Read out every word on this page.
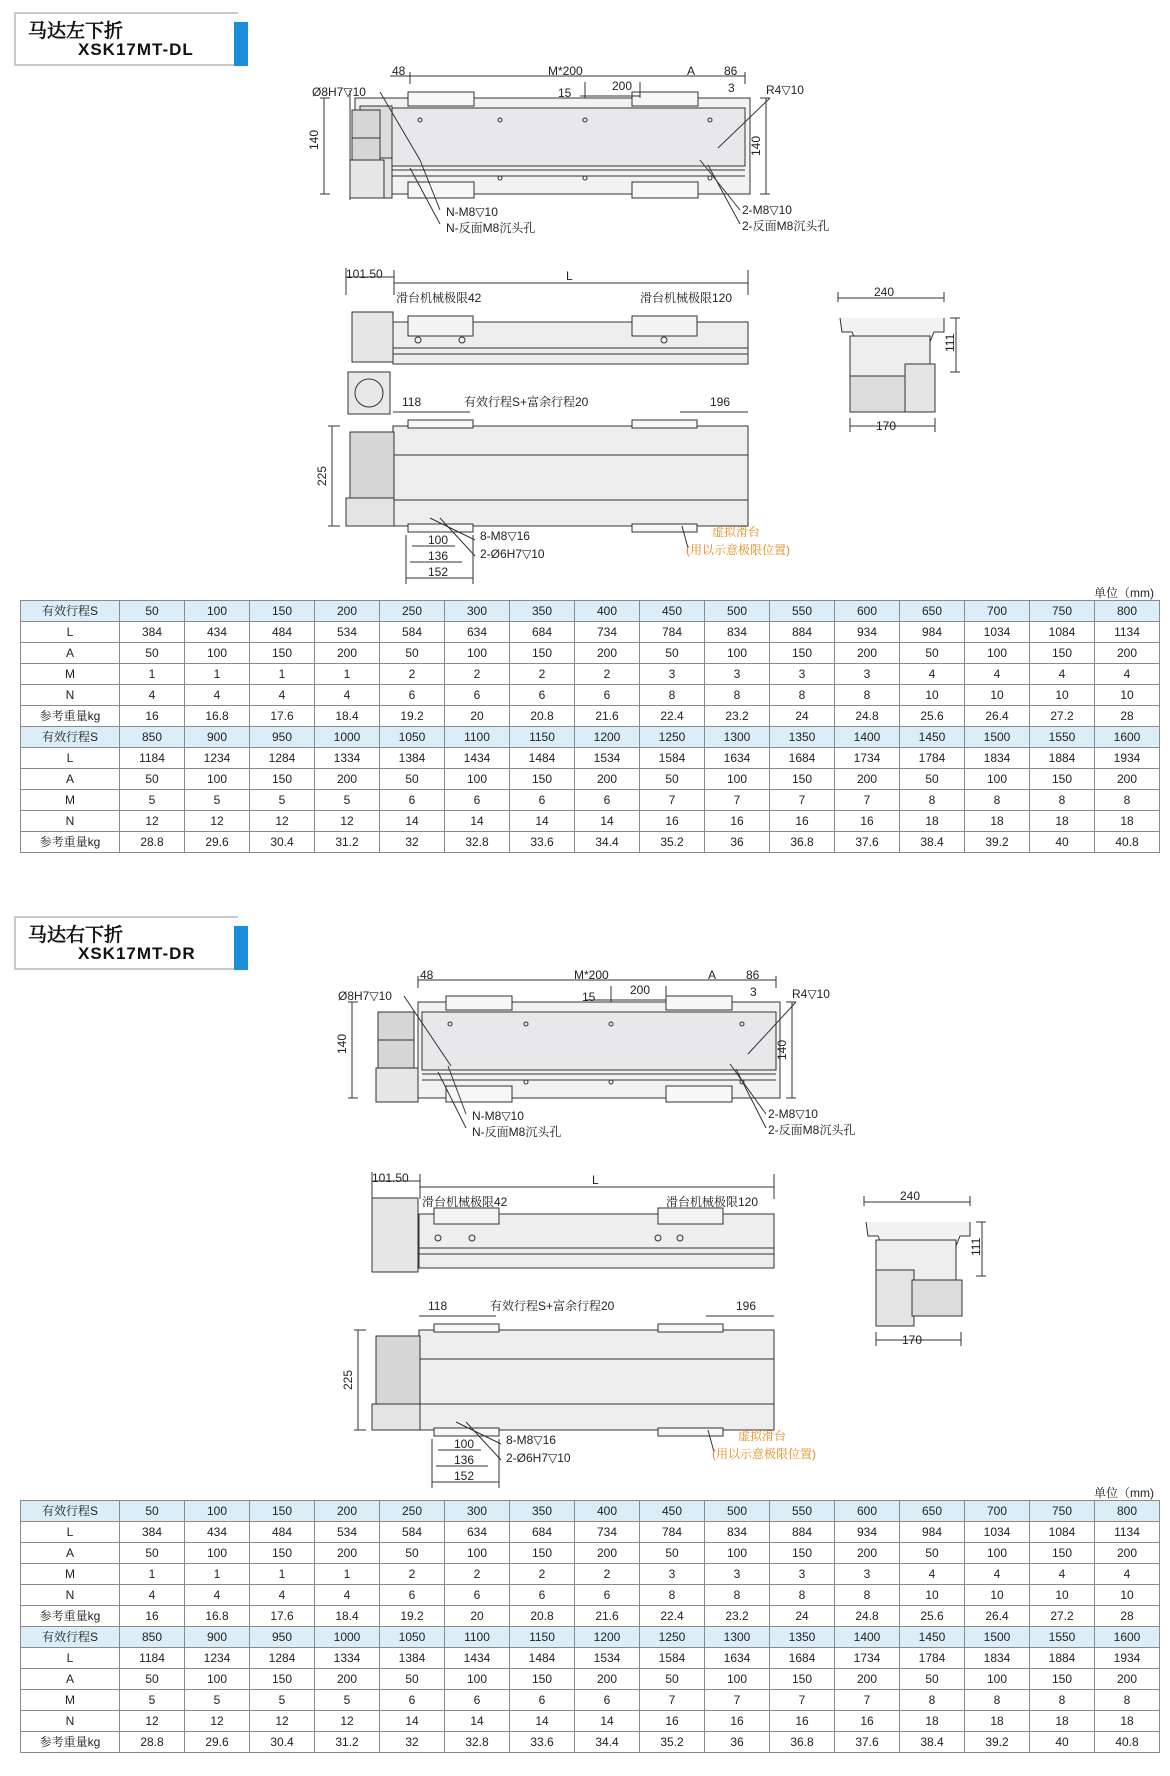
马达左下折
XSK17MT-DL
48	M*200	A 86
15	200	3
Ø8H7▽10	R4▽10
140	140
N-M8▽10
N-反面M8沉头孔
2-M8▽10
2-反面M8沉头孔
101.50	L
滑台机械极限42	滑台机械极限120
118	有效行程S+富余行程20	196
225
100
136
152
8-M8▽16
2-Ø6H7▽10
虚拟滑台
(用以示意极限位置)
240
111
170
单位（mm)
有效行程S	50	100	150	200	250	300	350	400	450	500	550	600	650	700	750	800
L	384	434	484	534	584	634	684	734	784	834	884	934	984	1034	1084	1134
A	50	100	150	200	50	100	150	200	50	100	150	200	50	100	150	200
M	1	1	1	1	2	2	2	2	3	3	3	3	4	4	4	4
N	4	4	4	4	6	6	6	6	8	8	8	8	10	10	10	10
参考重量kg	16	16.8	17.6	18.4	19.2	20	20.8	21.6	22.4	23.2	24	24.8	25.6	26.4	27.2	28
有效行程S	850	900	950	1000	1050	1100	1150	1200	1250	1300	1350	1400	1450	1500	1550	1600
L	1184	1234	1284	1334	1384	1434	1484	1534	1584	1634	1684	1734	1784	1834	1884	1934
A	50	100	150	200	50	100	150	200	50	100	150	200	50	100	150	200
M	5	5	5	5	6	6	6	6	7	7	7	7	8	8	8	8
N	12	12	12	12	14	14	14	14	16	16	16	16	18	18	18	18
参考重量kg	28.8	29.6	30.4	31.2	32	32.8	33.6	34.4	35.2	36	36.8	37.6	38.4	39.2	40	40.8
马达右下折
XSK17MT-DR
48	M*200	A 86
15	200	3
Ø8H7▽10	R4▽10
140	140
N-M8▽10
N-反面M8沉头孔
2-M8▽10
2-反面M8沉头孔
101.50	L
滑台机械极限42	滑台机械极限120
118	有效行程S+富余行程20	196
225
100
136
152
8-M8▽16
2-Ø6H7▽10
虚拟滑台
(用以示意极限位置)
240
111
170
单位（mm)
有效行程S	50	100	150	200	250	300	350	400	450	500	550	600	650	700	750	800
L	384	434	484	534	584	634	684	734	784	834	884	934	984	1034	1084	1134
A	50	100	150	200	50	100	150	200	50	100	150	200	50	100	150	200
M	1	1	1	1	2	2	2	2	3	3	3	3	4	4	4	4
N	4	4	4	4	6	6	6	6	8	8	8	8	10	10	10	10
参考重量kg	16	16.8	17.6	18.4	19.2	20	20.8	21.6	22.4	23.2	24	24.8	25.6	26.4	27.2	28
有效行程S	850	900	950	1000	1050	1100	1150	1200	1250	1300	1350	1400	1450	1500	1550	1600
L	1184	1234	1284	1334	1384	1434	1484	1534	1584	1634	1684	1734	1784	1834	1884	1934
A	50	100	150	200	50	100	150	200	50	100	150	200	50	100	150	200
M	5	5	5	5	6	6	6	6	7	7	7	7	8	8	8	8
N	12	12	12	12	14	14	14	14	16	16	16	16	18	18	18	18
参考重量kg	28.8	29.6	30.4	31.2	32	32.8	33.6	34.4	35.2	36	36.8	37.6	38.4	39.2	40	40.8
